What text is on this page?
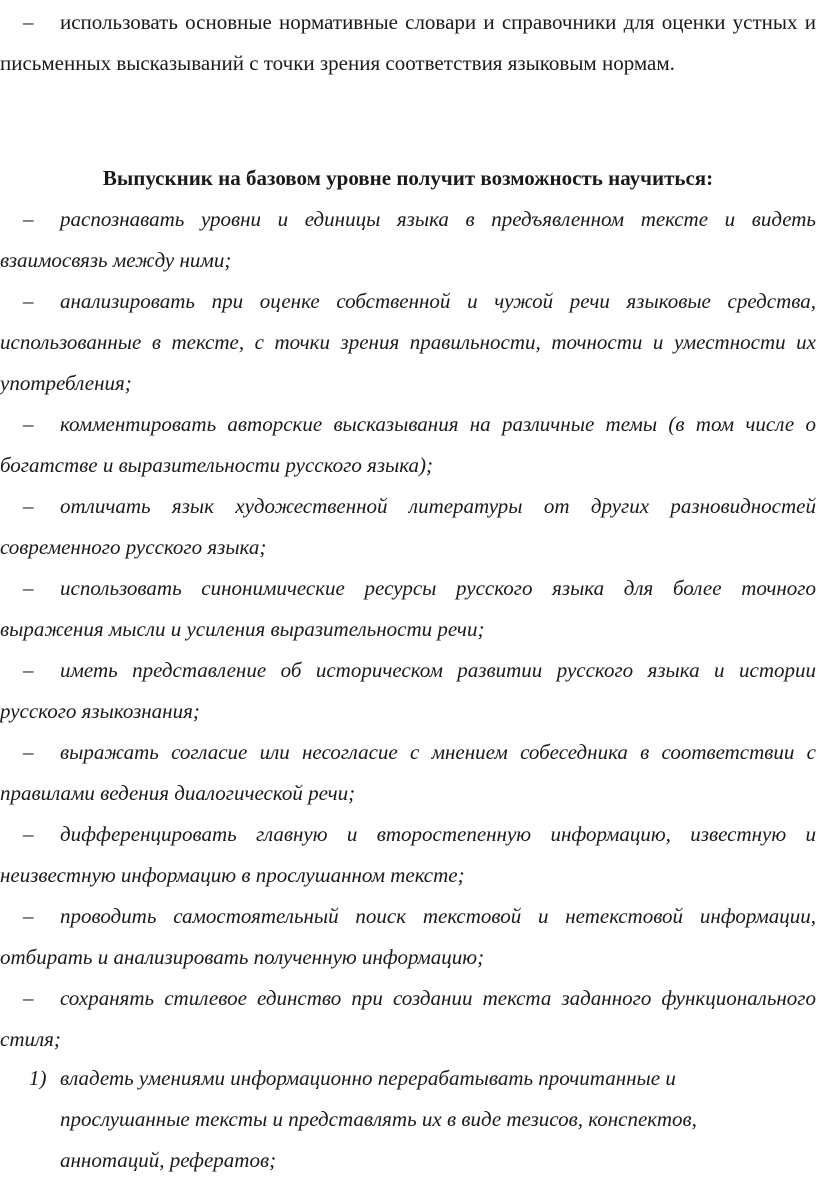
– использовать основные нормативные словари и справочники для оценки устных и письменных высказываний с точки зрения соответствия языковым нормам.

Выпускник на базовом уровне получит возможность научиться:

– распознавать уровни и единицы языка в предъявленном тексте и видеть взаимосвязь между ними;

– анализировать при оценке собственной и чужой речи языковые средства, использованные в тексте, с точки зрения правильности, точности и уместности их употребления;

– комментировать авторские высказывания на различные темы (в том числе о богатстве и выразительности русского языка);

– отличать язык художественной литературы от других разновидностей современного русского языка;

– использовать синонимические ресурсы русского языка для более точного выражения мысли и усиления выразительности речи;

– иметь представление об историческом развитии русского языка и истории русского языкознания;

– выражать согласие или несогласие с мнением собеседника в соответствии с правилами ведения диалогической речи;

– дифференцировать главную и второстепенную информацию, известную и неизвестную информацию в прослушанном тексте;

– проводить самостоятельный поиск текстовой и нетекстовой информации, отбирать и анализировать полученную информацию;

– сохранять стилевое единство при создании текста заданного функционального стиля;

1) владеть умениями информационно перерабатывать прочитанные и прослушанные тексты и представлять их в виде тезисов, конспектов, аннотаций, рефератов;
